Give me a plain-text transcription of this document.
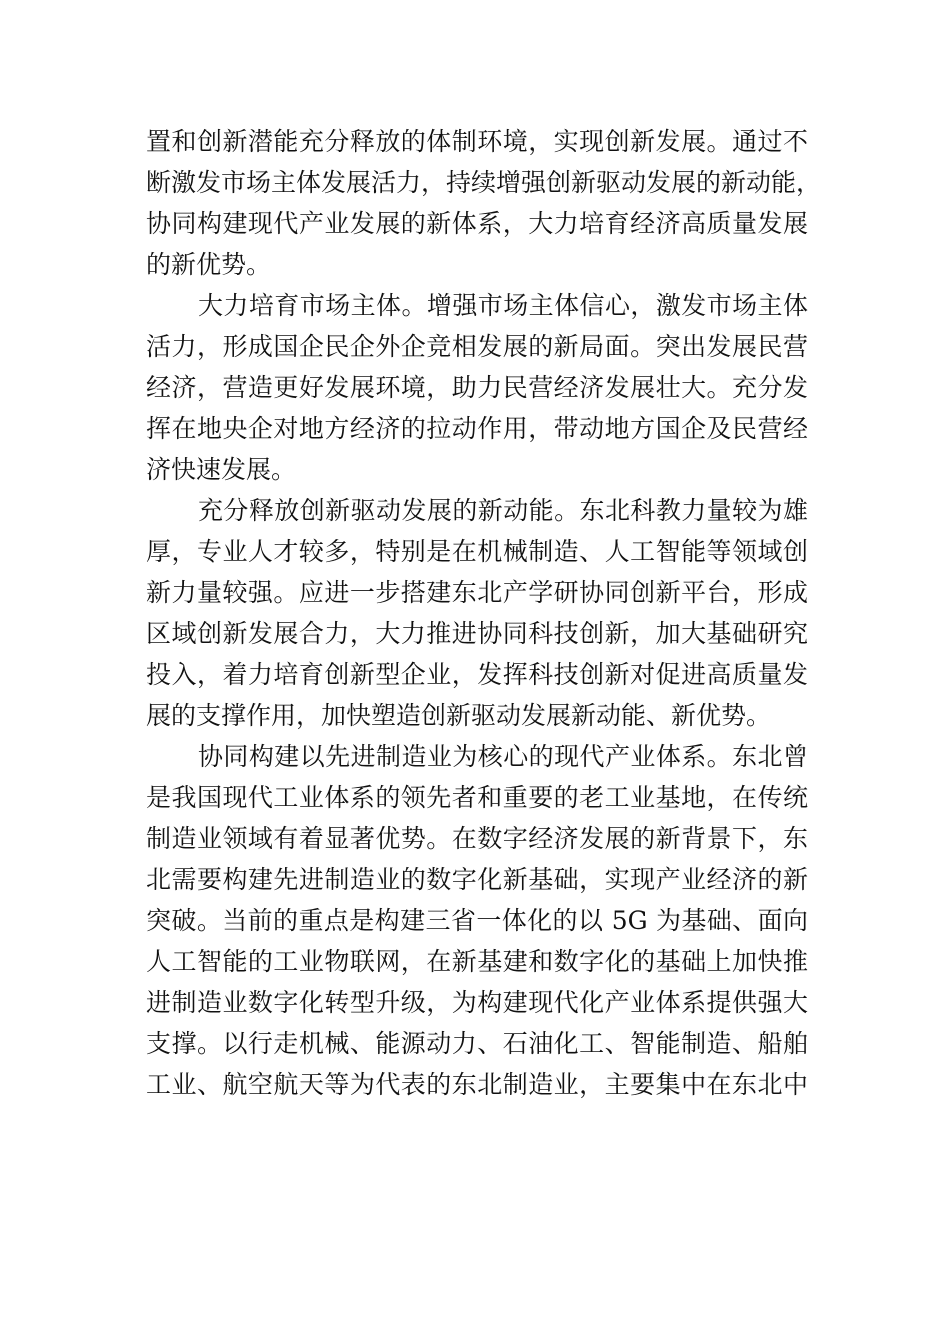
置和创新潜能充分释放的体制环境，实现创新发展。通过不
断激发市场主体发展活力，持续增强创新驱动发展的新动能，
协同构建现代产业发展的新体系，大力培育经济高质量发展
的新优势。
大力培育市场主体。增强市场主体信心，激发市场主体
活力，形成国企民企外企竞相发展的新局面。突出发展民营
经济，营造更好发展环境，助力民营经济发展壮大。充分发
挥在地央企对地方经济的拉动作用，带动地方国企及民营经
济快速发展。
充分释放创新驱动发展的新动能。东北科教力量较为雄
厚，专业人才较多，特别是在机械制造、人工智能等领域创
新力量较强。应进一步搭建东北产学研协同创新平台，形成
区域创新发展合力，大力推进协同科技创新，加大基础研究
投入，着力培育创新型企业，发挥科技创新对促进高质量发
展的支撑作用，加快塑造创新驱动发展新动能、新优势。
协同构建以先进制造业为核心的现代产业体系。东北曾
是我国现代工业体系的领先者和重要的老工业基地，在传统
制造业领域有着显著优势。在数字经济发展的新背景下，东
北需要构建先进制造业的数字化新基础，实现产业经济的新
突破。当前的重点是构建三省一体化的以 5G 为基础、面向
人工智能的工业物联网，在新基建和数字化的基础上加快推
进制造业数字化转型升级，为构建现代化产业体系提供强大
支撑。以行走机械、能源动力、石油化工、智能制造、船舶
工业、航空航天等为代表的东北制造业，主要集中在东北中
